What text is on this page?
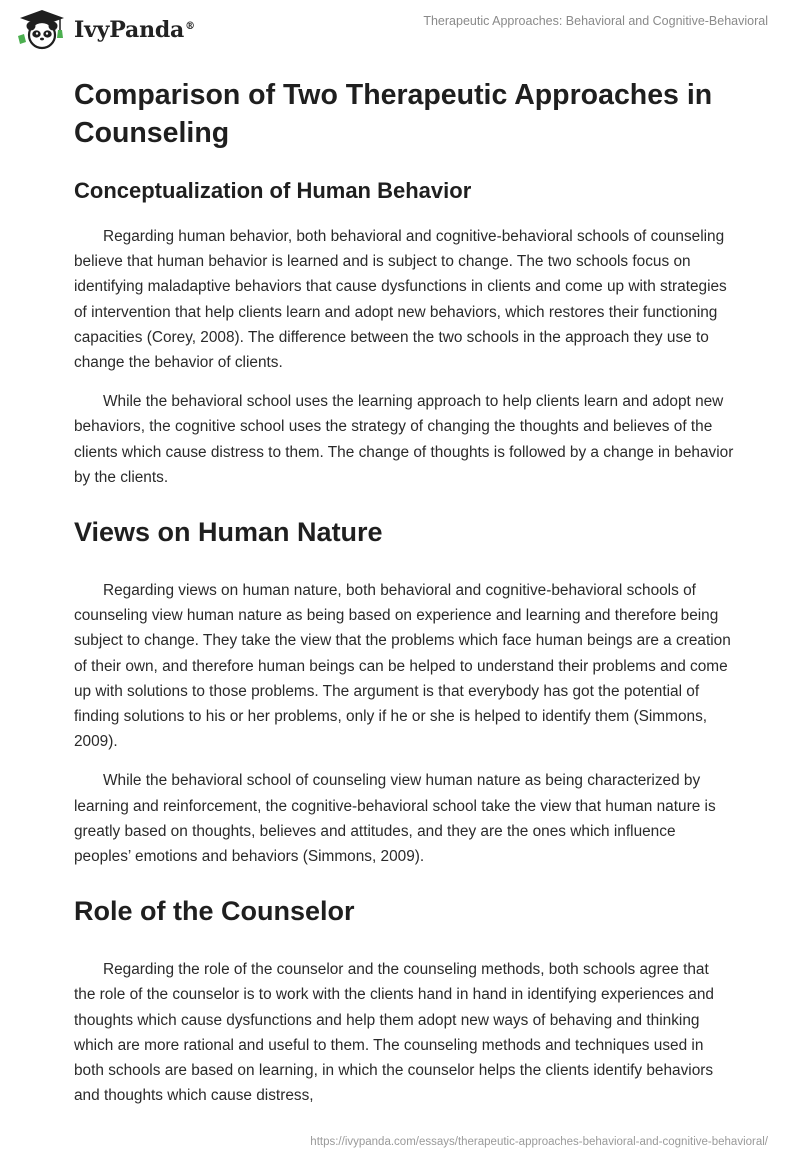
IvyPanda®	Therapeutic Approaches: Behavioral and Cognitive-Behavioral
Comparison of Two Therapeutic Approaches in Counseling
Conceptualization of Human Behavior

Regarding human behavior, both behavioral and cognitive-behavioral schools of counseling believe that human behavior is learned and is subject to change. The two schools focus on identifying maladaptive behaviors that cause dysfunctions in clients and come up with strategies of intervention that help clients learn and adopt new behaviors, which restores their functioning capacities (Corey, 2008). The difference between the two schools in the approach they use to change the behavior of clients.

While the behavioral school uses the learning approach to help clients learn and adopt new behaviors, the cognitive school uses the strategy of changing the thoughts and believes of the clients which cause distress to them. The change of thoughts is followed by a change in behavior by the clients.

Views on Human Nature

Regarding views on human nature, both behavioral and cognitive-behavioral schools of counseling view human nature as being based on experience and learning and therefore being subject to change. They take the view that the problems which face human beings are a creation of their own, and therefore human beings can be helped to understand their problems and come up with solutions to those problems. The argument is that everybody has got the potential of finding solutions to his or her problems, only if he or she is helped to identify them (Simmons, 2009).

While the behavioral school of counseling view human nature as being characterized by learning and reinforcement, the cognitive-behavioral school take the view that human nature is greatly based on thoughts, believes and attitudes, and they are the ones which influence peoples’ emotions and behaviors (Simmons, 2009).

Role of the Counselor

Regarding the role of the counselor and the counseling methods, both schools agree that the role of the counselor is to work with the clients hand in hand in identifying experiences and thoughts which cause dysfunctions and help them adopt new ways of behaving and thinking which are more rational and useful to them. The counseling methods and techniques used in both schools are based on learning, in which the counselor helps the clients identify behaviors and thoughts which cause distress,

https://ivypanda.com/essays/therapeutic-approaches-behavioral-and-cognitive-behavioral/
